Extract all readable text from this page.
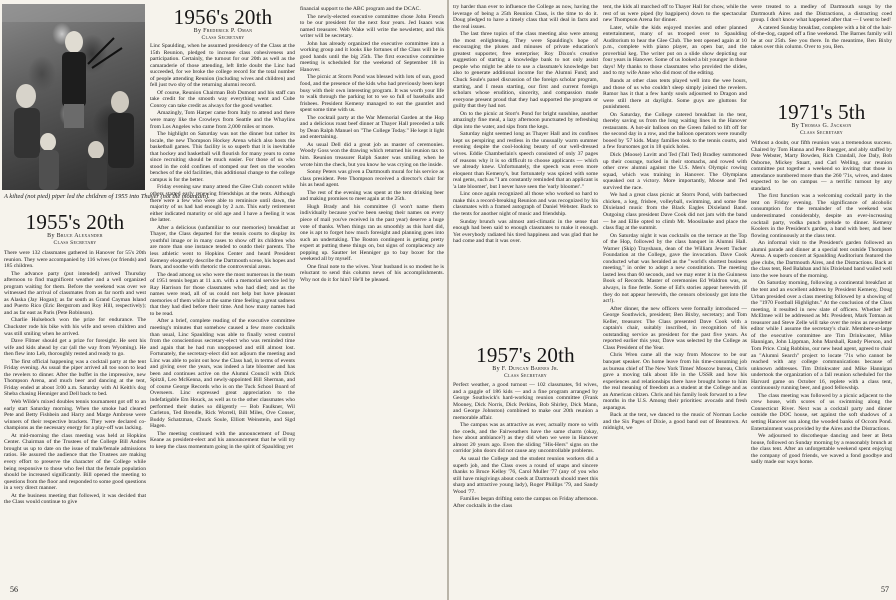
1956's 20th
By Frederick P. Oman
Class Secretary

Linc Spaulding, when he assumed presidency of the Class at the 15th Reunion, pledged to increase class cohesiveness and participation. Certainly, the turnout for our 20th as well as the camaraderie of those attending, left little doubt the Linc had succeeded, for we broke the college record for the total number of people attending Reunion (including wives and children) and fell just two shy of the returning alumni record.

Of course, Reunion Chairman Bob Dumont and his staff can take credit for the smooth way everything went and Cube Conroy can take credit as always for the good weather.

Amazingly, Tom Harper came from Italy to attend and there were many like the Crowleys from Seattle and the Whaylins from Los Angeles who came from 2,000 miles or more.

The highlight on Saturday was not the dinner but rather its locale, the new Thompson Hockey Arena which also hosts the basketball games. This facility is so superb that it is inevitable that hockey and basketball will flourish for many years to come since recruiting should be much easier. For those of us who stood in the cold confines of stomped our feet on the wooden benches of the old facilities, this additional change to the college campus is for the better.

Friday evening saw many attend the Glee Club concert while others started early renewing friendships at the tents. Although there were a few who were able to reminisce until dawn, the majority of us had had enough by 2 a.m. This early retirement either indicated maturity or old age and I have a feeling it was the latter.

After a delicious (unfamiliar to our memories) breakfast at Thayer, the Class departed for the tennis courts to display its youthful image or in many cases to show off its children who are more than one instance tended to outdo their parents. The less athletic went to Hopkins Center and heard President Kemeny eloquently describe the Dartmouth scene, his hopes and fears, and soothe with rhetoric the controversial areas.

The dead among us who were the most numerous in the team of 1951 tennis began at 11 a.m. with a memorial service led by Ray Harrison for those classmates who had died; and as the names were read, all of us could not help but have pleasant memories of them while at the same time feeling a great sadness that they had died before their time. And how many names had to be read.

After a brief, complete reading of the executive committee meeting's minutes that somehow caused a few more cocktails than usual, Linc Spaulding was able to finally wrest control from the conscientious secretary-elect who was reminded time and again that he had run unopposed and still almost lost. Fortunately, the secretary-elect did not adjourn the meeting and Linc was able to point out how the Class had, in terms of events and giving over the years, was indeed a late bloomer and has been and continues active on the Alumni Council with Dick Spitzli, Leo McKenna, and newly-appointed Bill Sherman, and of course George Records who is on the Tuck School Board of Overseers. Linc expressed great appreciation to the indefatigable Em Houck, as well as to the other classmates who performed their duties so diligently — Bob Faulkner, Wil Carleton, Ted Brendle, Rick Worrell, Bill Miles, Ove Conser, Buddy Schatzman, Chuck Soule, Elliott Weinstein, and Sigd Hagen.

The meeting continued with the announcement of Doug Keane as president-elect and his announcement that he will try to keep the class momentum going in the spirit of Spaulding yet

financial support to the ABC program and the DCAC.

The newly-elected executive committee chose John French to be our president for the next four years. Jed Isaacs was named treasurer. Web Wake will write the newsletter, and this writer will be secretary.

John has already organized the executive committee into a working group and it looks like fortunes of the Class will be in good hands until the big 25th. The first executive committee meeting is scheduled for the weekend of September 18 in Hanover.

The picnic at Storrs Pond was blessed with lots of sun, good food, and the presence of the kids who had previously been kept busy with their own interesting program. It was worth your life to walk through the parking lot to we so full of baseballs and frisbees. President Kemeny managed to eat the gauntlet and spent some time with us.

The cocktail party at the War Memorial Garden at the Hop and a delicious roast beef dinner at Thayer Hall preceded a talk by Dean Ralph Manuel on "The College Today." He kept it light and entertaining.

As usual Dell did a great job as master of ceremonies. Woody Goss won the drawing which returned his reunion tax to him. Reunion treasurer Ralph Sauter was smiling when he wrote him the check, but you know he was crying on the inside.

Sonny Peters was given a Dartmouth mural for his service as class president. Pete Thompson received a director's chair for his as head agent.

The rest of the evening was spent at the tent drinking beer and making promises to meet again at the 25th.

Hugh Brady and his committee (I won't name them individually because you've been seeing their names on every piece of mail you've received in the past year) deserve a huge vote of thanks. When things ran as smoothly as this hard did, one is apt to forget how much foresight and planning goes into such an undertaking. The Boston contingent is getting pretty expert at putting these things on, but signs of complacency are popping up. Sautter let Henniger go to bay boxer for the weekend all by myself.

One final note to the wives. Your husband is so modest he is reluctant to send this column news of his accomplishments. Why not do it for him? He'll be pleased.

A kilted (not pied) piper led the children of 1955 into Thayer (not the mountain).
1955's 20th
By Bruce Alexander
Class Secretary

There were 132 classmates gathered in Hanover for 55's 20th reunion. They were accompanied by 116 wives (or friends) and 185 children.

The advance party (put intended) arrived Thursday afternoon to find magnificent weather and a well organized program waiting for them. Before the weekend was over we witnessed the arrival of classmates from as far north and west as Alaska (Jay Hogan); as far south as Grand Cayman Island and Puerto Rico (Eric Bergstrom and Roy Hill, respectively); and as far east as Paris (Pete Robinson).

Charlie Hulseboch won the prize for endurance. The Chuckster rode his bike with his wife and seven children and was still smiling when he arrived.

Dave Flitner should get a prize for foresight. He sent his wife and kids ahead by car (all the way from Wyoming). He then flew into Leb, thoroughly rested and ready to go.

The first official happening was a cocktail party at the tent Friday evening. As usual the piper arrived all too soon to lead the revelers to dinner. After the buffet in the impressive, new Thompson Arena, and much beer and dancing at the tent, Friday ended at about 3:00 a.m. Saturday with Al Keith's dog Sheba chasing Henniger and Dell back to bed.

Web Wilde's mixed doubles tennis tournament got off to an early start Saturday morning. When the smoke had cleared Pete and Betty Fishbein and Harry and Marge Ambrose were winners of their respective brackets. They were declared co-champions as the necessary energy for a play-off was lacking.

At mid-morning the class meeting was held at Hopkins Center. Chairman of the Trustees of the College Bill Andres brought us up to date on the issue of male/female admissions ratios. He assured the audience that the Trustees are making every effort to preserve the character of the College while being responsive to those who feel that the female population should be increased significantly. Bill opened the meeting to questions from the floor and responded to some good questions in a very direct manner.

At the business meeting that followed, it was decided that the Class would continue to give

56

try harder than ever to influence the College as now, having the leverage of being a 25th Reunion Class, is the time to do it. Doug pledged to have a timely class that will deal in facts and the real issues.

The last three topics of the class meeting also were among the most enlightening. They were Spaulding's hope of encouraging the pluses and minuses of private education's greatest supporter, free enterprise; Roy Dixon's creative suggestion of starting a knowledge bank to not only assist people who might be able to use a classmate's knowledge but also to generate additional income for the Alumni Fund; and Chuck Soule's panel discussion of the foreign scholar program, starting, and I mean starting, our first and current foreign scholars whose erudition, sincerity, and compassion made everyone present proud that they had supported the program or guilty that they had not.

On to the picnic at Storr's Pond for bright sunshine, another amazingly fine meal, a lazy afternoon punctuated by refreshing dips into the water, and sips from the kegs.

Saturday night seemed long as Thayer Hall and its confines kept us perspiring and restless in the unusually warm summer evening despite the cool-looking beauty of our well-dressed wives. Eddie Chamberlain's speech consisted of only 37 pages of reasons why it is so difficult to choose applicants — which we already knew. Unfortunately, the speech was even more eloquent than Kemeny's, but fortunately was spiced with some real gems, such as "I am constantly reminded that an applicant is 'a late bloomer', but I never have seen the 'early bloomer'."

Linc once again recognized all those who worked so hard to make this a record-breaking Reunion and was recognized by his classmates with a framed autograph of Daniel Webster. Back to the tents for another night of music and friendship.

Sunday brunch was almost anti-climatic in the sense that enough had been said to enough classmates to make it enough. Yet everybody radiated his tired happiness and was glad that he had come and that it was over.

1957's 20th
By F. Duncan Barnes Jr.
Class Secretary

Perfect weather, a good turnout — 102 classmates, 94 wives, and a gaggle of 186 kids — and a fine program arranged by George Southwick's hard-working reunion committee (Frank Mooney, Dick Norris, Dick Perkins, Bob Shirley, Dick Mann, and George Johnston) combined to make our 20th reunion a memorable affair.

The campus was as attractive as ever, actually more so with the coeds, and the Fairweathers have the same charm (okay, how about ambiance?) as they did when we were in Hanover almost 20 years ago. Even the sliding "His-Hers" signs on the corridor john doors did not cause any uncontrollable problems.

As usual the College and the student reunion workers did a superb job, and the Class owes a round of snaps and sincere thanks to Bruce Kelley '76, Carol Muller '77 (any of you who still have misgivings about coeds at Dartmouth should meet this sharp and attractive young lady), Roger Phillips '79, and Sandy Wood '77.

Families began drifting onto the campus on Friday afternoon. After cocktails in the class

tent, the kids all marched off to Thayer Hall for chow, while the rest of us were piped (by bagpipers) down to the spectacular new Thompson Arena for dinner.

Later, while the kids enjoyed movies and other planned entertainment, many of us trooped over to Spaulding Auditorium to hear the Glee Club. The tent opened again at 10 p.m., complete with piano player, an open bar, and the proverbial keg. The writer put on a slide show depicting our four years in Hanover. Some of us looked a bit younger in those days! My thanks to those classmates who provided the slides, and to my wife Anne who did most of the editing.

Bands at other class tents played well into the wee hours, and those of us who couldn't sleep simply joined the revelers. Ramor has it that a few hardy souls adjourned to Dragon and were still there at daylight. Some guys are gluttons for punishment.

On Saturday, the College catered breakfast in the tent, thereby saving us from the long waiting lines in the Hanover restaurants. A hot-air balloon on the Green failed to lift off for the second day in a row, and the balloon operators were roundly booed by '57 kids. Many families took to the tennis courts, and a few foursomes got in 18 quick holes.

Dick (Moose) Lavitt and Ted (Tall Ted) Bradley summoned up their courage, tucked in their stomachs, and rowed with other crew alumni against the U.S. Men's Olympic rowing squad, which was training in Hanover. The Olympians squeaked out a victory. More importantly, Moose and Ted survived the race.

We had a great class picnic at Storrs Pond, with barbecued chicken, a keg, frisbee, volleyball, swimming, and some fine Dixieland music from the Black Eagles Dixieland Band. Outgoing class president Dave Cook did not jam with the band — he and Ellie opted to climb Mt. Moosilauke and place the class flag at the summit.

On Saturday night it was cocktails on the terrace at the Top of the Hop, followed by the class banquet in Alumni Hall. Warner (Skip) Trayshaun, dean of the William Jewett Tucker Foundation at the College, gave the invocation. Dave Cook conducted what was heralded as the "world's shortest business meeting," in order to adopt a new constitution. The meeting lasted less than 60 seconds, and we may enter it in the Guinness Book of Records. Master of ceremonies Ed Waldron was, as always, in fine fettle. Some of Ed's stories appear herewith (if they do not appear herewith, the censors obviously got into the act!).

After dinner, the new officers were formally introduced — George Southwick, president; Ben Bixby, secretary; and Tom Keller, treasurer. The Class presented Dave Cook with a captain's chair, suitably inscribed, in recognition of his outstanding service as president for the past five years. As reported earlier this year, Dave was selected by the College as Class President of the Year.

Chris Wren came all the way from Moscow to be our banquet speaker. On home leave from his time-consuming job as bureau chief of The New York Times' Moscow bureau, Chris gave a moving talk about life in the USSR and how his experiences and relationships there have brought home to him the real meaning of freedom as a student at the College and as an American citizen. Chris and his family look forward to a few months in the U.S. Among their priorities: avocado and fresh asparagus.

Back at the tent, we danced to the music of Norman Locke and the Six Pages of Dixie, a good band out of Beantown. At midnight, we

were treated to a medley of Dartmouth songs by the Dartmouth Aires and the Distractions, a distracting coed group. I don't know what happened after that — I went to bed!

A catered Sunday breakfast, complete with a bit of the hair-of-the-dog, capped off a fine weekend. The Barnes family will be at our 25th. See you there. In the meantime, Ben Bixby takes over this column. Over to you, Ben.

1971's 5th
By Thomas G. Jackson
Class Secretary

Without a doubt, our fifth reunion was a tremendous success. Chaired by Tom Hanna and Pete Ruegger, and ably staffed by Pete Webster, Marty Bowden, Rich Crandall, Joe Daly, Bob Osborne, Mickey Stuart, and Carl Welling, our reunion committee put together a weekend so inviting that those in attendance numbered more than the 260 '71s, wives, and dates expected to be on campus — a terrific turnout by any standard.

The first function was a welcoming cocktail party in the tent on Friday evening. The significance of alcoholic consumption for the remainder of the weekend was underestimated considerably, despite an ever-increasing cocktail party, vodka punch prelude to dinner. Kemeny Koolers in the President's garden, a band with beer, and beer flowing continuously at the class tent.

An informal visit to the President's garden followed an alumni parade and dinner at a special tent outside Thompson Arena. A superb concert at Spaulding Auditorium featured the glee clubs, the Dartmouth Aires, and the Distractions. Back at the class tent, Red Balaban and his Dixieland band wailed well into the wee hours of the morning.

On Saturday morning, following a continental breakfast at the tent and an excellent address by President Kemeny, Doug Urban presided over a class meeting followed by a showing of the "1970 Football Highlights." At the conclusion of the Class meeting, it resulted in new slate of officers. Whether Jeff McElmee will be addressed as Mr. President, Mark Totman as treasurer and Steve Zelle will take over the reins as newsletter editor while I assume the secretary's chair. Members-at-large of the executive committee are Tim Drinkwater, Mike Hannigan, John Lippman, John Marshall, Randy Pierson, and Tom Price. Craig Robbins, our new head agent, agreed to chair an "Alumni Search" project to locate '71s who cannot be reached with any college communications because of unknown addresses. Tim Drinkwater and Mike Hannigan undertook the organization of a fall reunion scheduled for the Harvard game on October 16, replete with a class tent, continuously running beer, and good fellowship.

The class meeting was followed by a picnic adjacent to the crew house, with scores of us swimming along the Connecticut River. Next was a cocktail party and dinner outside the DOC house, set against the soft shadows of a setting Hanover sun along the wooded banks of Occom Pond. Entertainment was provided by the Aires and the Distractions.

We adjourned to discotheque dancing and beer at Beta house, followed on Sunday morning by a reasonably brunch at the class tent. After an unforgettable weekend spent enjoying the company of good friends, we waved a fond goodbye and sadly made our ways home.

57
